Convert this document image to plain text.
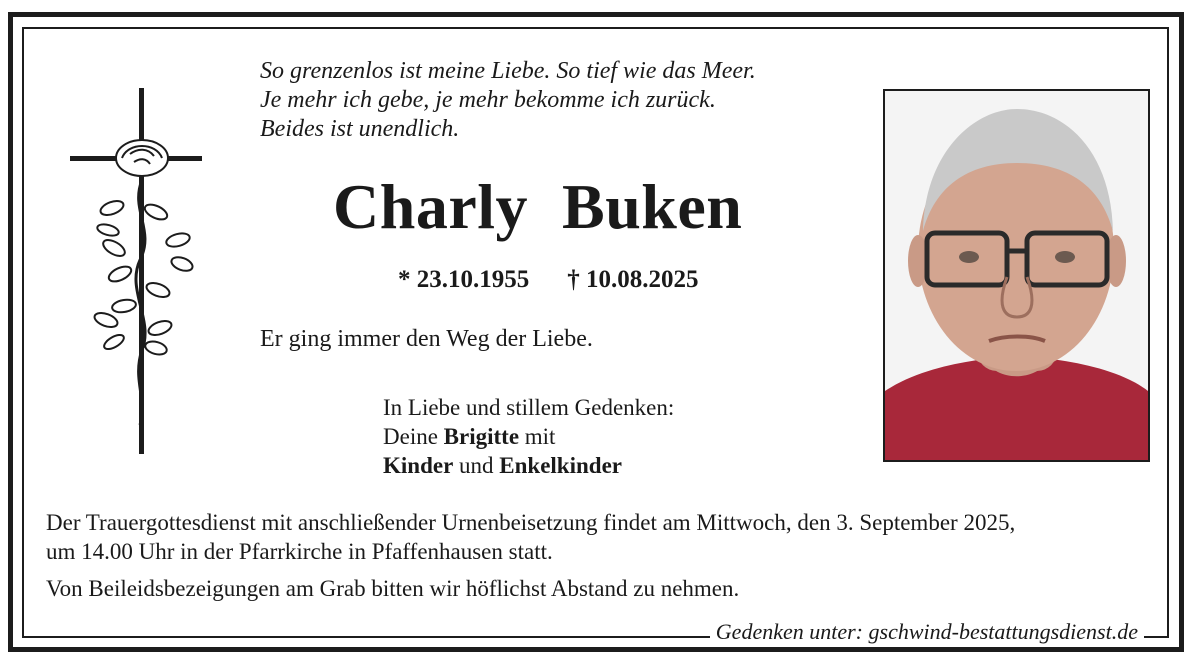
So grenzenlos ist meine Liebe. So tief wie das Meer.
Je mehr ich gebe, je mehr bekomme ich zurück.
Beides ist unendlich.
Charly Buken
* 23.10.1955 † 10.08.2025
Er ging immer den Weg der Liebe.
In Liebe und stillem Gedenken:
Deine Brigitte mit
Kinder und Enkelkinder
Der Trauergottesdienst mit anschließender Urnenbeisetzung findet am Mittwoch, den 3. September 2025,
um 14.00 Uhr in der Pfarrkirche in Pfaffenhausen statt.
Von Beileidsbezeigungen am Grab bitten wir höflichst Abstand zu nehmen.
Gedenken unter: gschwind-bestattungsdienst.de
